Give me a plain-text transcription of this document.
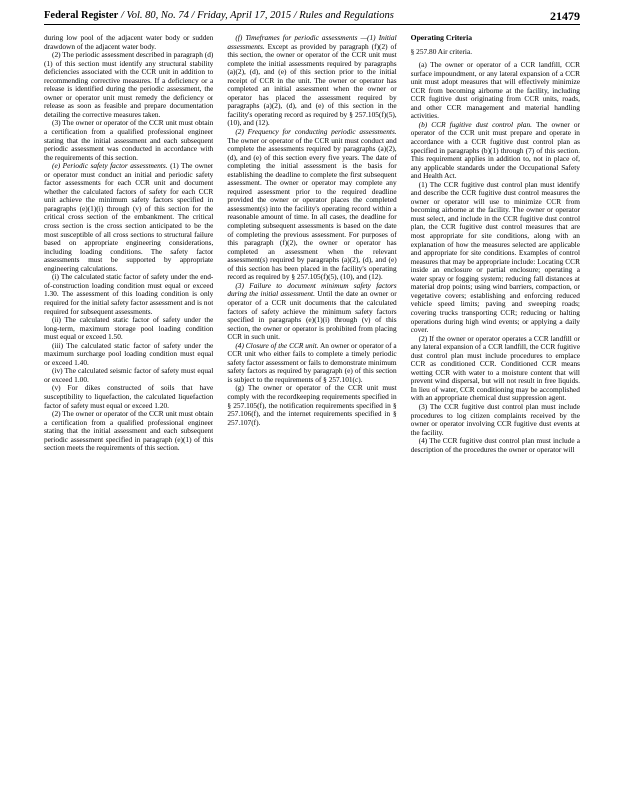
Federal Register / Vol. 80, No. 74 / Friday, April 17, 2015 / Rules and Regulations	21479

during low pool of the adjacent water body or sudden drawdown of the adjacent water body.

(2) The periodic assessment described in paragraph (d)(1) of this section must identify any structural stability deficiencies associated with the CCR unit in addition to recommending corrective measures. If a deficiency or a release is identified during the periodic assessment, the owner or operator unit must remedy the deficiency or release as soon as feasible and prepare documentation detailing the corrective measures taken.

(3) The owner or operator of the CCR unit must obtain a certification from a qualified professional engineer stating that the initial assessment and each subsequent periodic assessment was conducted in accordance with the requirements of this section.

(e) Periodic safety factor assessments. (1) The owner or operator must conduct an initial and periodic safety factor assessments for each CCR unit and document whether the calculated factors of safety for each CCR unit achieve the minimum safety factors specified in paragraphs (e)(1)(i) through (v) of this section for the critical cross section of the embankment. The critical cross section is the cross section anticipated to be the most susceptible of all cross sections to structural failure based on appropriate engineering considerations, including loading conditions. The safety factor assessments must be supported by appropriate engineering calculations.

(i) The calculated static factor of safety under the end-of-construction loading condition must equal or exceed 1.30. The assessment of this loading condition is only required for the initial safety factor assessment and is not required for subsequent assessments.

(ii) The calculated static factor of safety under the long-term, maximum storage pool loading condition must equal or exceed 1.50.

(iii) The calculated static factor of safety under the maximum surcharge pool loading condition must equal or exceed 1.40.

(iv) The calculated seismic factor of safety must equal or exceed 1.00.

(v) For dikes constructed of soils that have susceptibility to liquefaction, the calculated liquefaction factor of safety must equal or exceed 1.20.

(2) The owner or operator of the CCR unit must obtain a certification from a qualified professional engineer stating that the initial assessment and each subsequent periodic assessment specified in paragraph (e)(1) of this section meets the requirements of this section.

(f) Timeframes for periodic assessments —(1) Initial assessments. Except as provided by paragraph (f)(2) of this section, the owner or operator of the CCR unit must complete the initial assessments required by paragraphs (a)(2), (d), and (e) of this section prior to the initial receipt of CCR in the unit. The owner or operator has completed an initial assessment when the owner or operator has placed the assessment required by paragraphs (a)(2), (d), and (e) of this section in the facility's operating record as required by § 257.105(f)(5), (10), and (12).

(2) Frequency for conducting periodic assessments. The owner or operator of the CCR unit must conduct and complete the assessments required by paragraphs (a)(2), (d), and (e) of this section every five years. The date of completing the initial assessment is the basis for establishing the deadline to complete the first subsequent assessment. The owner or operator may complete any required assessment prior to the required deadline provided the owner or operator places the completed assessment(s) into the facility's operating record within a reasonable amount of time. In all cases, the deadline for completing subsequent assessments is based on the date of completing the previous assessment. For purposes of this paragraph (f)(2), the owner or operator has completed an assessment when the relevant assessment(s) required by paragraphs (a)(2), (d), and (e) of this section has been placed in the facility's operating record as required by § 257.105(f)(5), (10), and (12).

(3) Failure to document minimum safety factors during the initial assessment. Until the date an owner or operator of a CCR unit documents that the calculated factors of safety achieve the minimum safety factors specified in paragraphs (e)(1)(i) through (v) of this section, the owner or operator is prohibited from placing CCR in such unit.

(4) Closure of the CCR unit. An owner or operator of a CCR unit who either fails to complete a timely periodic safety factor assessment or fails to demonstrate minimum safety factors as required by paragraph (e) of this section is subject to the requirements of § 257.101(c).

(g) The owner or operator of the CCR unit must comply with the recordkeeping requirements specified in § 257.105(f), the notification requirements specified in § 257.106(f), and the internet requirements specified in § 257.107(f).

Operating Criteria

§ 257.80 Air criteria.

(a) The owner or operator of a CCR landfill, CCR surface impoundment, or any lateral expansion of a CCR unit must adopt measures that will effectively minimize CCR from becoming airborne at the facility, including CCR fugitive dust originating from CCR units, roads, and other CCR management and material handling activities.

(b) CCR fugitive dust control plan. The owner or operator of the CCR unit must prepare and operate in accordance with a CCR fugitive dust control plan as specified in paragraphs (b)(1) through (7) of this section. This requirement applies in addition to, not in place of, any applicable standards under the Occupational Safety and Health Act.

(1) The CCR fugitive dust control plan must identify and describe the CCR fugitive dust control measures the owner or operator will use to minimize CCR from becoming airborne at the facility. The owner or operator must select, and include in the CCR fugitive dust control plan, the CCR fugitive dust control measures that are most appropriate for site conditions, along with an explanation of how the measures selected are applicable and appropriate for site conditions. Examples of control measures that may be appropriate include: Locating CCR inside an enclosure or partial enclosure; operating a water spray or fogging system; reducing fall distances at material drop points; using wind barriers, compaction, or vegetative covers; establishing and enforcing reduced vehicle speed limits; paving and sweeping roads; covering trucks transporting CCR; reducing or halting operations during high wind events; or applying a daily cover.

(2) If the owner or operator operates a CCR landfill or any lateral expansion of a CCR landfill, the CCR fugitive dust control plan must include procedures to emplace CCR as conditioned CCR. Conditioned CCR means wetting CCR with water to a moisture content that will prevent wind dispersal, but will not result in free liquids. In lieu of water, CCR conditioning may be accomplished with an appropriate chemical dust suppression agent.

(3) The CCR fugitive dust control plan must include procedures to log citizen complaints received by the owner or operator involving CCR fugitive dust events at the facility.

(4) The CCR fugitive dust control plan must include a description of the procedures the owner or operator will
